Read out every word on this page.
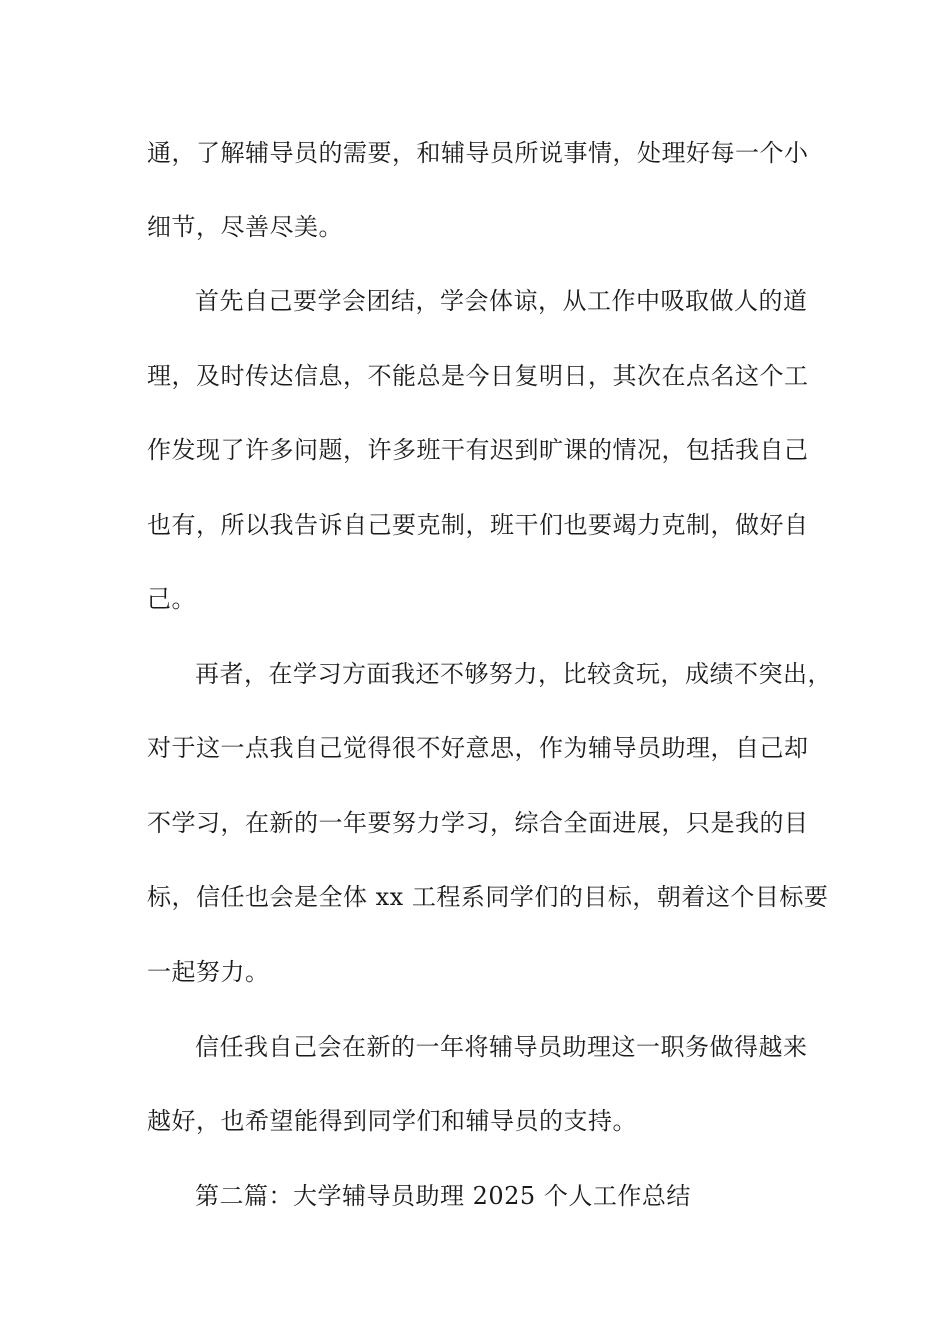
通，了解辅导员的需要，和辅导员所说事情，处理好每一个小
细节，尽善尽美。
首先自己要学会团结，学会体谅，从工作中吸取做人的道
理，及时传达信息，不能总是今日复明日，其次在点名这个工
作发现了许多问题，许多班干有迟到旷课的情况，包括我自己
也有，所以我告诉自己要克制，班干们也要竭力克制，做好自
己。
再者，在学习方面我还不够努力，比较贪玩，成绩不突出，
对于这一点我自己觉得很不好意思，作为辅导员助理，自己却
不学习，在新的一年要努力学习，综合全面进展，只是我的目
标，信任也会是全体 xx 工程系同学们的目标，朝着这个目标要
一起努力。
信任我自己会在新的一年将辅导员助理这一职务做得越来
越好，也希望能得到同学们和辅导员的支持。
第二篇：大学辅导员助理 2025 个人工作总结
